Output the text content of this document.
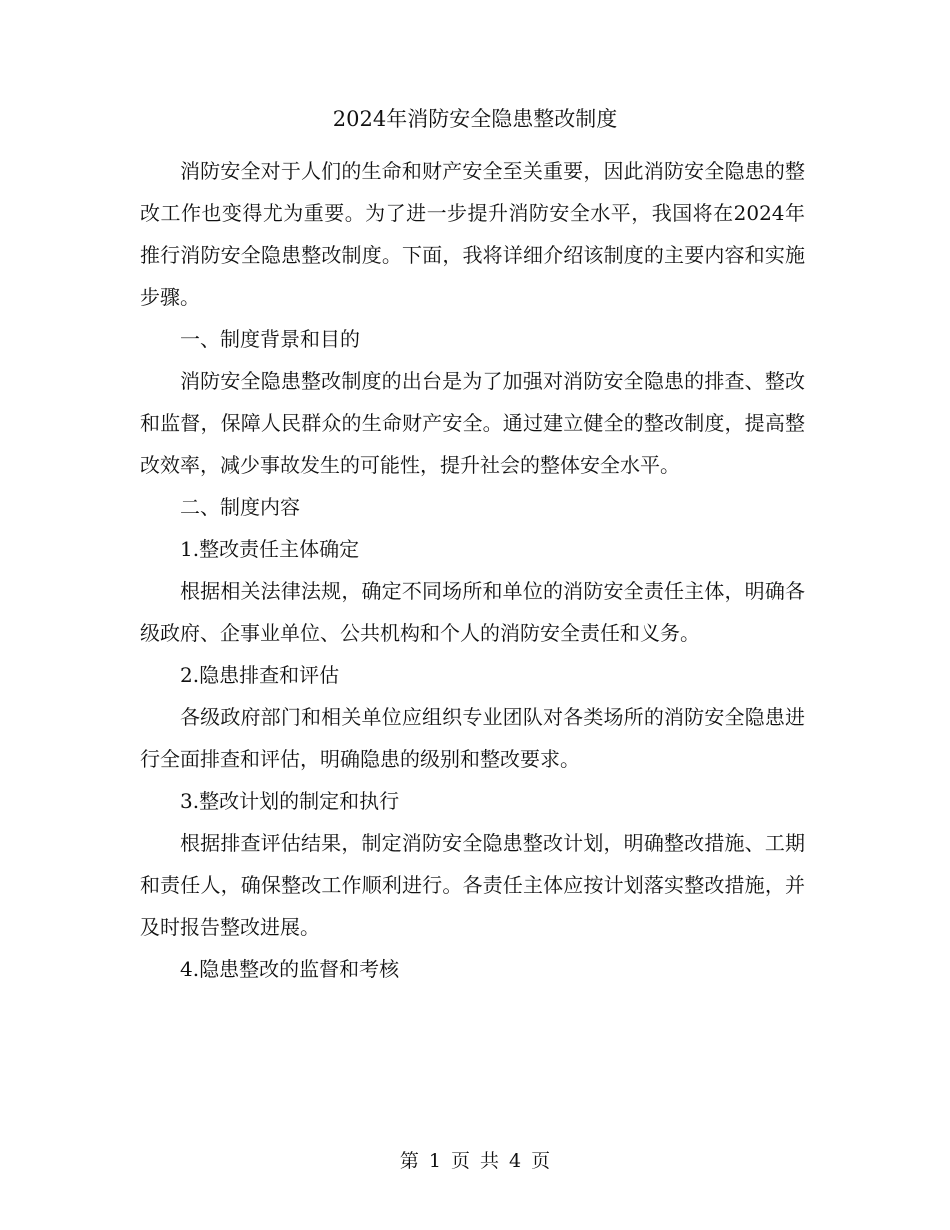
2024年消防安全隐患整改制度

消防安全对于人们的生命和财产安全至关重要，因此消防安全隐患的整改工作也变得尤为重要。为了进一步提升消防安全水平，我国将在2024年推行消防安全隐患整改制度。下面，我将详细介绍该制度的主要内容和实施步骤。

一、制度背景和目的

消防安全隐患整改制度的出台是为了加强对消防安全隐患的排查、整改和监督，保障人民群众的生命财产安全。通过建立健全的整改制度，提高整改效率，减少事故发生的可能性，提升社会的整体安全水平。

二、制度内容

1.整改责任主体确定

根据相关法律法规，确定不同场所和单位的消防安全责任主体，明确各级政府、企事业单位、公共机构和个人的消防安全责任和义务。

2.隐患排查和评估

各级政府部门和相关单位应组织专业团队对各类场所的消防安全隐患进行全面排查和评估，明确隐患的级别和整改要求。

3.整改计划的制定和执行

根据排查评估结果，制定消防安全隐患整改计划，明确整改措施、工期和责任人，确保整改工作顺利进行。各责任主体应按计划落实整改措施，并及时报告整改进展。

4.隐患整改的监督和考核

第 1 页 共 4 页
